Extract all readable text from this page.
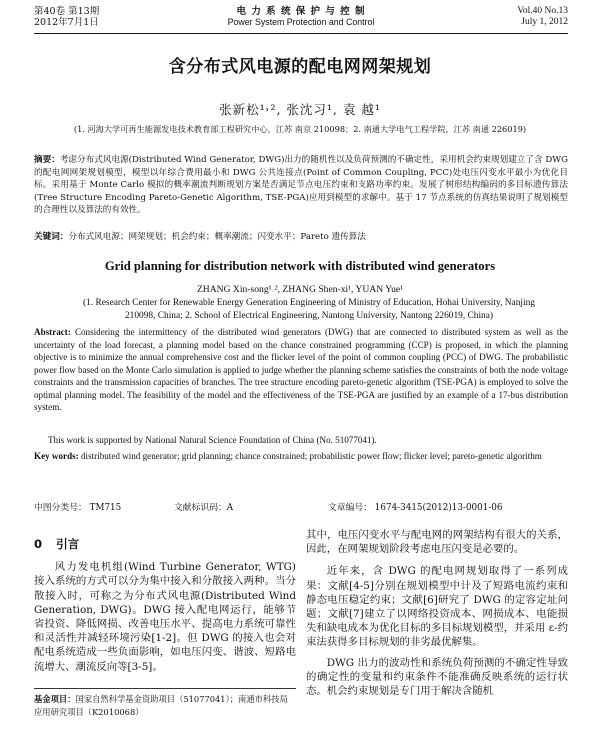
第40卷 第13期
2012年7月1日
电 力 系 统 保 护 与 控 制
Power System Protection and Control
Vol.40 No.13
July 1, 2012
含分布式风电源的配电网网架规划
张新松¹˒², 张沈习¹, 袁 越¹
(1. 河海大学可再生能源发电技术教育部工程研究中心，江苏 南京 210098；2. 南通大学电气工程学院，江苏 南通 226019)
摘要：考虑分布式风电源(Distributed Wind Generator, DWG)出力的随机性以及负荷预测的不确定性，采用机会约束规划建立了含 DWG 的配电网网架规划模型，模型以年综合费用最小和 DWG 公共连接点(Point of Common Coupling, PCC)处电压闪变水平最小为优化目标。采用基于 Monte Carlo 模拟的概率潮流判断规划方案是否满足节点电压约束和支路功率约束。发展了树形结构编码的多目标遗传算法(Tree Structure Encoding Pareto-Genetic Algorithm, TSE-PGA)应用到模型的求解中。基于 17 节点系统的仿真结果说明了规划模型的合理性以及算法的有效性。
关键词：分布式风电源；网架规划；机会约束；概率潮流；闪变水平；Pareto 遗传算法
Grid planning for distribution network with distributed wind generators
ZHANG Xin-song¹˒², ZHANG Shen-xi¹, YUAN Yue¹
(1. Research Center for Renewable Energy Generation Engineering of Ministry of Education, Hohai University, Nanjing 210098, China; 2. School of Electrical Engineering, Nantong University, Nantong 226019, China)
Abstract: Considering the intermittency of the distributed wind generators (DWG) that are connected to distributed system as well as the uncertainty of the load forecast, a planning model based on the chance constrained programming (CCP) is proposed, in which the planning objective is to minimize the annual comprehensive cost and the flicker level of the point of common coupling (PCC) of DWG. The probabilistic power flow based on the Monte Carlo simulation is applied to judge whether the planning scheme satisfies the constraints of both the node voltage constraints and the transmission capacities of branches. The tree structure encoding pareto-genetic algorithm (TSE-PGA) is employed to solve the optimal planning model. The feasibility of the model and the effectiveness of the TSE-PGA are justified by an example of a 17-bus distribution system.
This work is supported by National Natural Science Foundation of China (No. 51077041).
Key words: distributed wind generator; grid planning; chance constrained; probabilistic power flow; flicker level; pareto-genetic algorithm
中图分类号： TM715	文献标识码：A	文章编号： 1674-3415(2012)13-0001-06
0 引言

风力发电机组(Wind Turbine Generator, WTG)接入系统的方式可以分为集中接入和分散接入两种。当分散接入时，可称之为分布式风电源(Distributed Wind Generation, DWG)。DWG 接入配电网运行，能够节省投资、降低网损、改善电压水平、提高电力系统可靠性和灵活性并减轻环境污染[1-2]。但 DWG 的接入也会对配电系统造成一些负面影响，如电压闪变、谐波、短路电流增大、潮流反向等[3-5]。

基金项目：国家自然科学基金资助项目（51077041）；南通市科技局应用研究项目（K2010068）

其中，电压闪变水平与配电网的网架结构有很大的关系，因此，在网架规划阶段考虑电压闪变是必要的。

近年来，含 DWG 的配电网规划取得了一系列成果：文献[4-5]分别在规划模型中计及了短路电流约束和静态电压稳定约束；文献[6]研究了 DWG 的定容定址问题；文献[7]建立了以网络投资成本、网损成本、电能损失和缺电成本为优化目标的多目标规划模型，并采用 ε-约束法获得多目标规划的非劣最优解集。

DWG 出力的波动性和系统负荷预测的不确定性导致的确定性的变量和约束条件不能准确反映系统的运行状态。机会约束规划是专门用于解决含随机
